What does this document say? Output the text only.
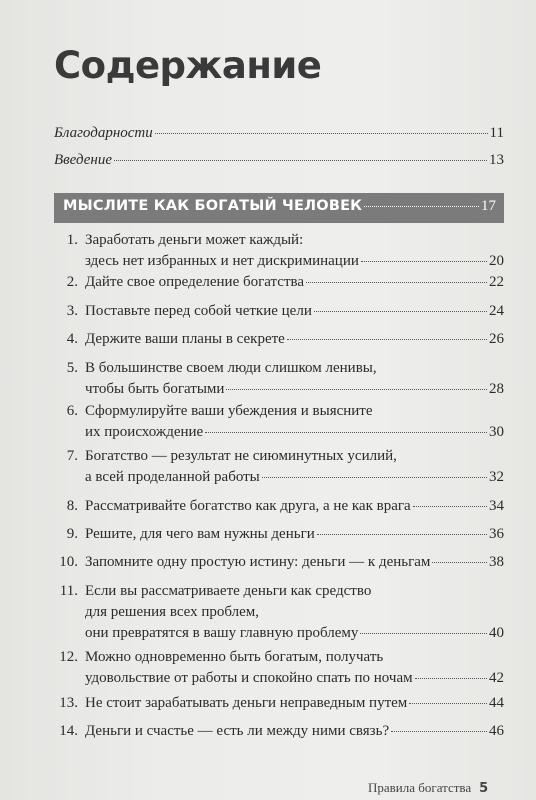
Содержание
Благодарности	11
Введение	13
МЫСЛИТЕ КАК БОГАТЫЙ ЧЕЛОВЕК	17
1. Заработать деньги может каждый:
здесь нет избранных и нет дискриминации	20
2. Дайте свое определение богатства	22
3. Поставьте перед собой четкие цели	24
4. Держите ваши планы в секрете	26
5. В большинстве своем люди слишком ленивы,
чтобы быть богатыми	28
6. Сформулируйте ваши убеждения и выясните
их происхождение	30
7. Богатство — результат не сиюминутных усилий,
а всей проделанной работы	32
8. Рассматривайте богатство как друга, а не как врага	34
9. Решите, для чего вам нужны деньги	36
10. Запомните одну простую истину: деньги — к деньгам	38
11. Если вы рассматриваете деньги как средство
для решения всех проблем,
они превратятся в вашу главную проблему	40
12. Можно одновременно быть богатым, получать
удовольствие от работы и спокойно спать по ночам	42
13. Не стоит зарабатывать деньги неправедным путем	44
14. Деньги и счастье — есть ли между ними связь?	46
Правила богатства 5
